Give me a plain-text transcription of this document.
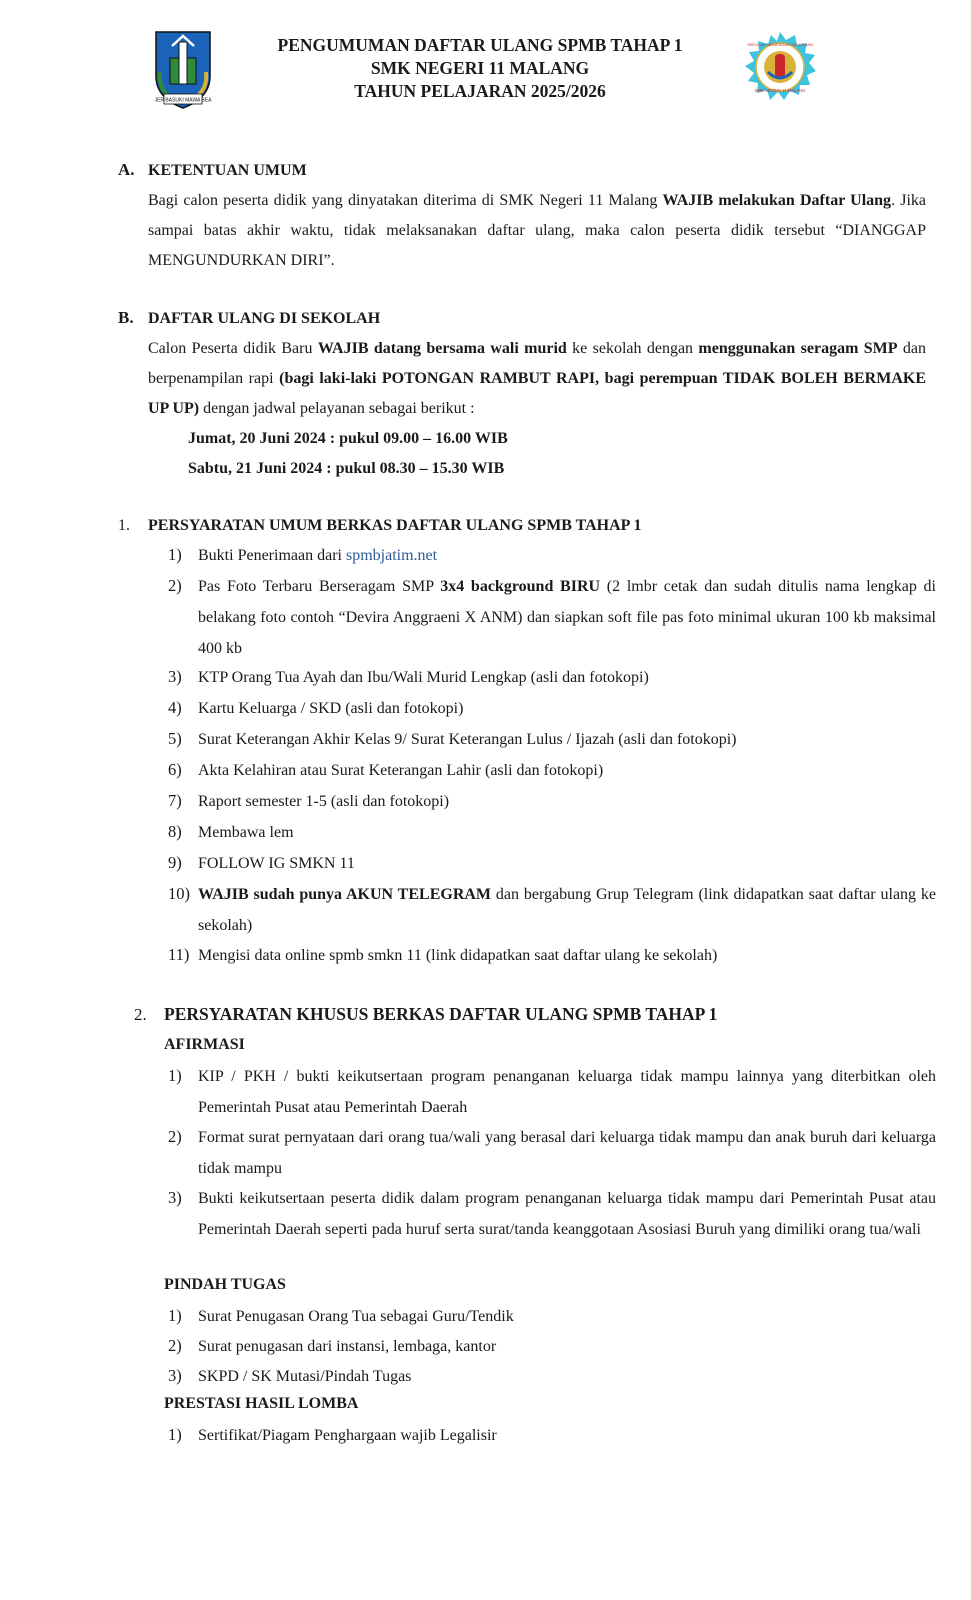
JER BASUKI MAWA BEA
PENGUMUMAN DAFTAR ULANG SPMB TAHAP 1
SMK NEGERI 11 MALANG
TAHUN PELAJARAN 2025/2026
SEKOLAH MENENGAH KEJURUAN
SMK NEGERI 11 MALANG
A. KETENTUAN UMUM
Bagi calon peserta didik yang dinyatakan diterima di SMK Negeri 11 Malang WAJIB melakukan Daftar Ulang. Jika sampai batas akhir waktu, tidak melaksanakan daftar ulang, maka calon peserta didik tersebut “DIANGGAP MENGUNDURKAN DIRI”.
B. DAFTAR ULANG DI SEKOLAH
Calon Peserta didik Baru WAJIB datang bersama wali murid ke sekolah dengan menggunakan seragam SMP dan berpenampilan rapi (bagi laki-laki POTONGAN RAMBUT RAPI, bagi perempuan TIDAK BOLEH BERMAKE UP UP) dengan jadwal pelayanan sebagai berikut :
Jumat, 20 Juni 2024 : pukul 09.00 – 16.00 WIB
Sabtu, 21 Juni 2024 : pukul 08.30 – 15.30 WIB
1. PERSYARATAN UMUM BERKAS DAFTAR ULANG SPMB TAHAP 1
1) Bukti Penerimaan dari spmbjatim.net
2) Pas Foto Terbaru Berseragam SMP 3x4 background BIRU (2 lmbr cetak dan sudah ditulis nama lengkap di belakang foto contoh “Devira Anggraeni X ANM) dan siapkan soft file pas foto minimal ukuran 100 kb maksimal 400 kb
3) KTP Orang Tua Ayah dan Ibu/Wali Murid Lengkap (asli dan fotokopi)
4) Kartu Keluarga / SKD (asli dan fotokopi)
5) Surat Keterangan Akhir Kelas 9/ Surat Keterangan Lulus / Ijazah (asli dan fotokopi)
6) Akta Kelahiran atau Surat Keterangan Lahir (asli dan fotokopi)
7) Raport semester 1-5 (asli dan fotokopi)
8) Membawa lem
9) FOLLOW IG SMKN 11
10) WAJIB sudah punya AKUN TELEGRAM dan bergabung Grup Telegram (link didapatkan saat daftar ulang ke sekolah)
11) Mengisi data online spmb smkn 11 (link didapatkan saat daftar ulang ke sekolah)
2. PERSYARATAN KHUSUS BERKAS DAFTAR ULANG SPMB TAHAP 1
AFIRMASI
1) KIP / PKH / bukti keikutsertaan program penanganan keluarga tidak mampu lainnya yang diterbitkan oleh Pemerintah Pusat atau Pemerintah Daerah
2) Format surat pernyataan dari orang tua/wali yang berasal dari keluarga tidak mampu dan anak buruh dari keluarga tidak mampu
3) Bukti keikutsertaan peserta didik dalam program penanganan keluarga tidak mampu dari Pemerintah Pusat atau Pemerintah Daerah seperti pada huruf serta surat/tanda keanggotaan Asosiasi Buruh yang dimiliki orang tua/wali
PINDAH TUGAS
1) Surat Penugasan Orang Tua sebagai Guru/Tendik
2) Surat penugasan dari instansi, lembaga, kantor
3) SKPD / SK Mutasi/Pindah Tugas
PRESTASI HASIL LOMBA
1) Sertifikat/Piagam Penghargaan wajib Legalisir
